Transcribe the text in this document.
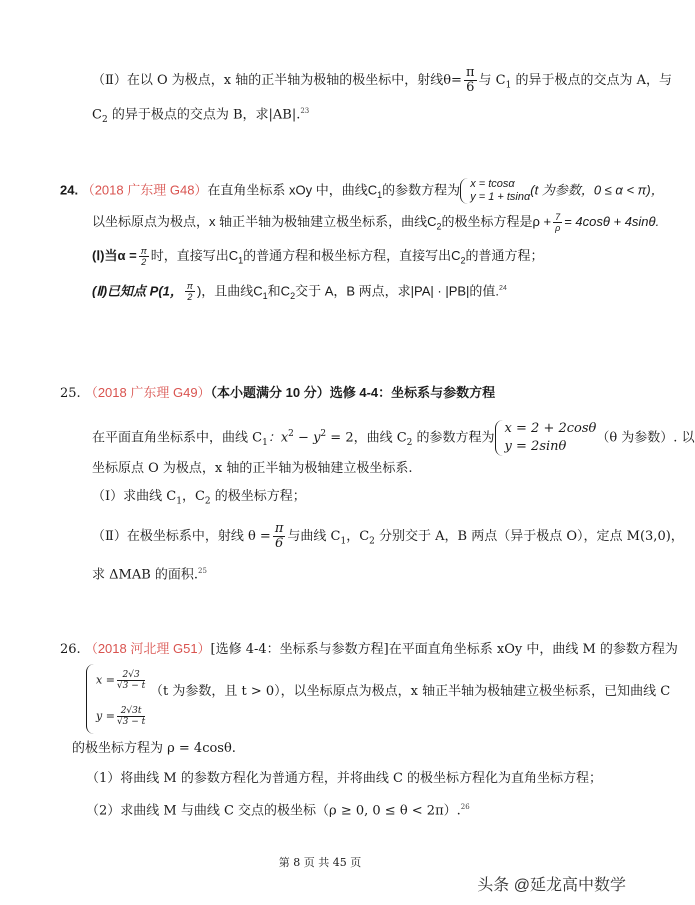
（Ⅱ）在以 O 为极点，x 轴的正半轴为极轴的极坐标中，射线$\theta= \frac{\pi}{6}$ 与 $C_1$ 的异于极点的交点为 A，与
$C_2$ 的异于极点的交点为 B，求|AB|.$^{23}$
24. （2018 广东理 G48）在直角坐标系 xOy 中，曲线$C_1$的参数方程为 x = tcosα
y = 1 + tsinα (t 为参数，0 ≤ α < π)，
以坐标原点为极点，x 轴正半轴为极轴建立极坐标系，曲线$C_2$的极坐标方程是$\rho + \frac{7}{\rho} = 4\cos\theta + 4\sin\theta$.
(Ⅰ)当$\alpha = \frac{\pi}{2}$ 时，直接写出$C_1$的普通方程和极坐标方程，直接写出$C_2$的普通方程；
(Ⅱ)已知点 P(1， $\frac{\pi}{2}$ )，且曲线$C_1$和$C_2$交于 A，B 两点，求|PA| · |PB|的值.$^{24}$
25. （2018 广东理 G49）（本小题满分 10 分）选修 4-4：坐标系与参数方程
在平面直角坐标系中，曲线 $C_1$：$x^2 - y^2 = 2$，曲线 $C_2$ 的参数方程为
x = 2 + 2cosθ
y = 2sinθ
（θ 为参数）. 以
坐标原点 O 为极点，x 轴的正半轴为极轴建立极坐标系.
（Ⅰ）求曲线 $C_1$，$C_2$ 的极坐标方程；
（Ⅱ）在极坐标系中，射线 $\theta = \frac{\pi}{6}$ 与曲线 $C_1$，$C_2$ 分别交于 A，B 两点（异于极点 O），定点 M(3,0)，
求 ΔMAB 的面积.$^{25}$
26. （2018 河北理 G51）[选修 4-4：坐标系与参数方程]在平面直角坐标系 xOy 中，曲线 M 的参数方程为
$x = \frac{2√3}{√3 - t}$
（t 为参数，且 t > 0），以坐标原点为极点，x 轴正半轴为极轴建立极坐标系，已知曲线 C
$y = \frac{2√3t}{√3 - t}$
的极坐标方程为 ρ = 4cosθ.
（1）将曲线 M 的参数方程化为普通方程，并将曲线 C 的极坐标方程化为直角坐标方程；
（2）求曲线 M 与曲线 C 交点的极坐标（ρ ≥ 0, 0 ≤ θ < 2π）.$^{26}$
第 8 页 共 45 页
头条 @延龙高中数学
